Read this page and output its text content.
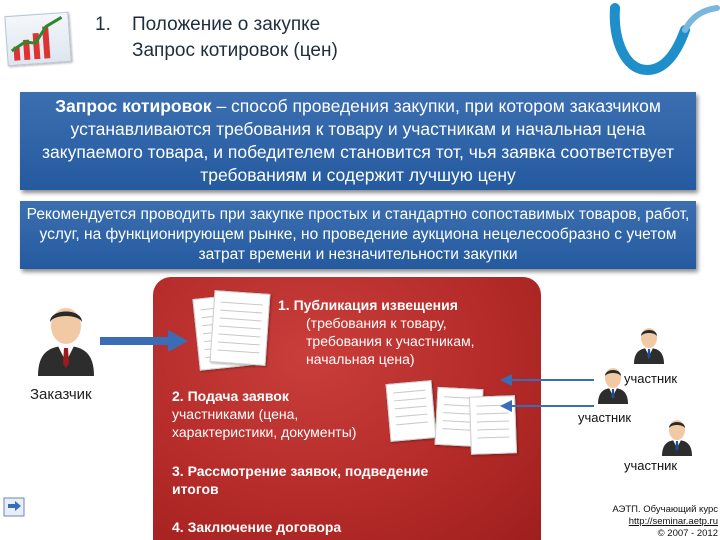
1. Положение о закупке
Запрос котировок (цен)
Запрос котировок – способ проведения закупки, при котором заказчиком устанавливаются требования к товару и участникам и начальная цена закупаемого товара, и победителем становится тот, чья заявка соответствует требованиям и содержит лучшую цену
Рекомендуется проводить при закупке простых и стандартно сопоставимых товаров, работ, услуг, на функционирующем рынке, но проведение аукциона нецелесообразно с учетом затрат времени и незначительности закупки
Заказчик
1. Публикация извещения
(требования к товару, требования к участникам, начальная цена)
2. Подача заявок
участниками (цена, характеристики, документы)
3. Рассмотрение заявок, подведение итогов
4. Заключение договора
участник
участник
участник
АЭТП. Обучающий курс
http://seminar.aetp.ru
© 2007 - 2012
